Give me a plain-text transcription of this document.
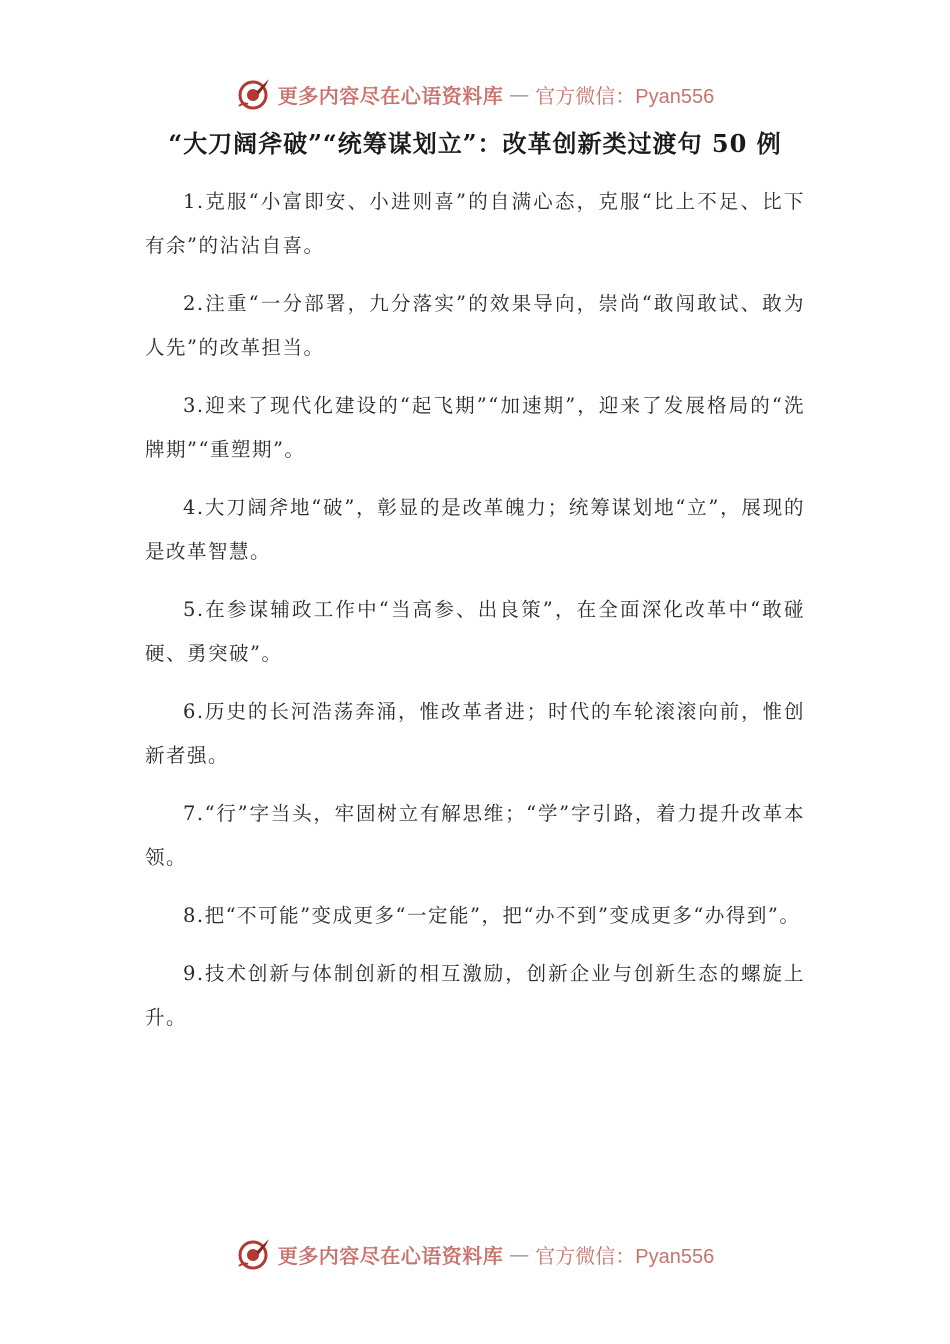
更多内容尽在心语资料库 — 官方微信：Pyan556
“大刀阔斧破”“统筹谋划立”：改革创新类过渡句 50 例

1.克服“小富即安、小进则喜”的自满心态，克服“比上不足、比下有余”的沾沾自喜。

2.注重“一分部署，九分落实”的效果导向，崇尚“敢闯敢试、敢为人先”的改革担当。

3.迎来了现代化建设的“起飞期”“加速期”，迎来了发展格局的“洗牌期”“重塑期”。

4.大刀阔斧地“破”，彰显的是改革魄力；统筹谋划地“立”，展现的是改革智慧。

5.在参谋辅政工作中“当高参、出良策”，在全面深化改革中“敢碰硬、勇突破”。

6.历史的长河浩荡奔涌，惟改革者进；时代的车轮滚滚向前，惟创新者强。

7.“行”字当头，牢固树立有解思维；“学”字引路，着力提升改革本领。

8.把“不可能”变成更多“一定能”，把“办不到”变成更多“办得到”。

9.技术创新与体制创新的相互激励，创新企业与创新生态的螺旋上升。

更多内容尽在心语资料库 — 官方微信：Pyan556
